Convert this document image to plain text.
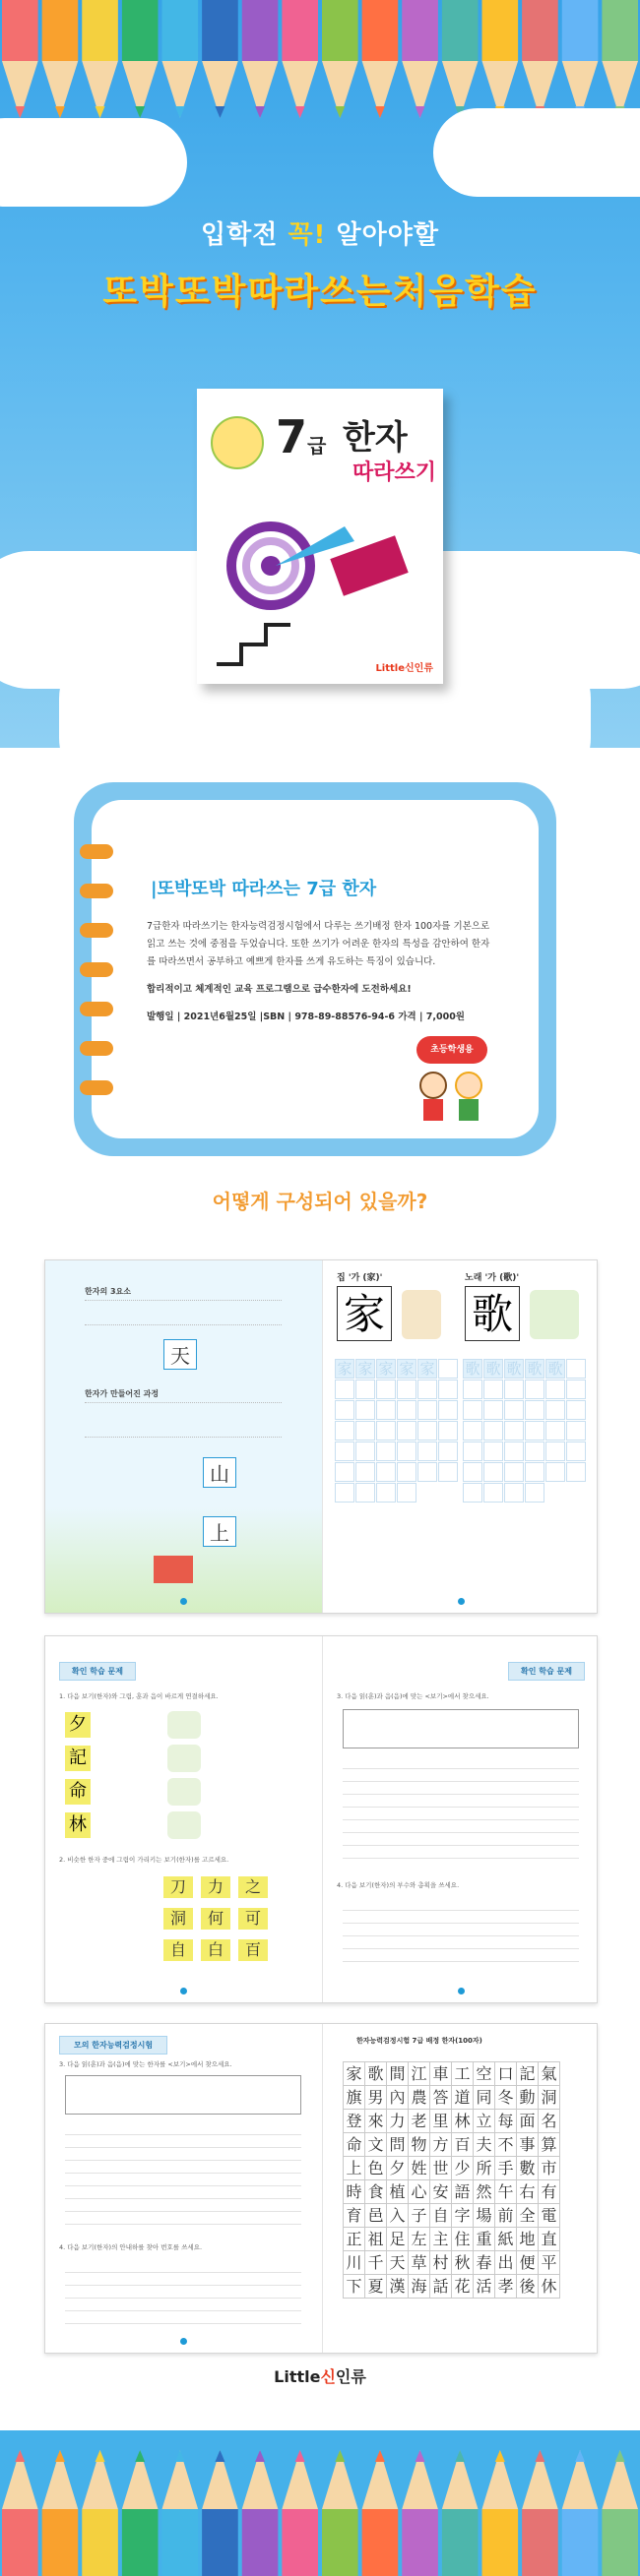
입학전 꼭! 알아야할
또박또박따라쓰는처음학습
7급 한자
따라쓰기
Little신인류
|또박또박 따라쓰는 7급 한자

7급한자 따라쓰기는 한자능력검정시험에서 다루는 쓰기배정 한자 100자를 기본으로 읽고 쓰는 것에 중점을 두었습니다. 또한 쓰기가 어려운 한자의 특성을 감안하여 한자를 따라쓰면서 공부하고 예쁘게 한자를 쓰게 유도하는 특징이 있습니다.

합리적이고 체계적인 교육 프로그램으로 급수한자에 도전하세요!

발행일 | 2021년6월25일 |SBN | 978-89-88576-94-6 가격 | 7,000원

초등학생용
어떻게 구성되어 있을까?
한자의 3요소
天
한자가 만들어진 과정
山
上
집 '가 (家)'	노래 '가 (歌)'
家 歌
家 家 家 家 家	歌 歌 歌 歌 歌
확인 학습 문제
1. 다음 보기(한자)와 그림, 훈과 음이 바르게 연결하세요.
夕
記
命
林
2. 비슷한 한자 중에 그림이 가리키는 보기(한자)를 고르세요.
刀 力 之洞 何 可自 白 百
확인 학습 문제
3. 다음 읽(훈)과 음(음)에 맞는 <보기>에서 찾으세요.
4. 다음 보기(한자)의 부수와 총획을 쓰세요.
모의 한자능력검정시험
3. 다음 읽(훈)과 음(음)에 맞는 한자를 <보기>에서 찾으세요.
4. 다음 보기(한자)의 안내하를 찾아 번호를 쓰세요.
한자능력검정시험 7급 배정 한자(100자)
家 歌 間 江 車 工 空 口 記 氣
旗 男 內 農 答 道 同 冬 動 洞
登 來 力 老 里 林 立 每 面 名
命 文 問 物 方 百 夫 不 事 算
上 色 夕 姓 世 少 所 手 數 市
時 食 植 心 安 語 然 午 右 有
育 邑 入 子 自 字 場 前 全 電
正 祖 足 左 主 住 重 紙 地 直
川 千 天 草 村 秋 春 出 便 平
下 夏 漢 海 話 花 活 孝 後 休
Little신인류
